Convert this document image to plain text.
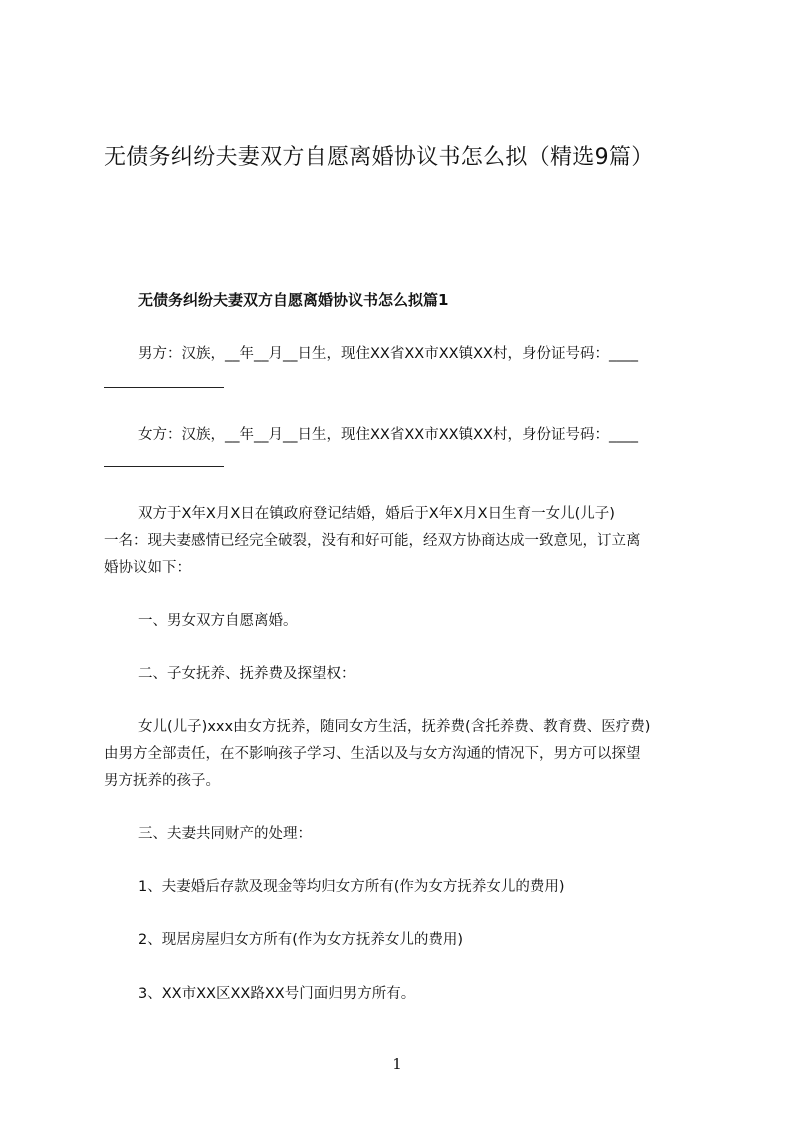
无债务纠纷夫妻双方自愿离婚协议书怎么拟（精选9篇）
无债务纠纷夫妻双方自愿离婚协议书怎么拟篇1
男方：汉族，__年__月__日生，现住XX省XX市XX镇XX村，身份证号码：____
女方：汉族，__年__月__日生，现住XX省XX市XX镇XX村，身份证号码：____
双方于X年X月X日在镇政府登记结婚，婚后于X年X月X日生育一女儿(儿子)
一名：现夫妻感情已经完全破裂，没有和好可能，经双方协商达成一致意见，订立离
婚协议如下：
一、男女双方自愿离婚。
二、子女抚养、抚养费及探望权：
女儿(儿子)xxx由女方抚养，随同女方生活，抚养费(含托养费、教育费、医疗费)
由男方全部责任，在不影响孩子学习、生活以及与女方沟通的情况下，男方可以探望
男方抚养的孩子。
三、夫妻共同财产的处理：
1、夫妻婚后存款及现金等均归女方所有(作为女方抚养女儿的费用)
2、现居房屋归女方所有(作为女方抚养女儿的费用)
3、XX市XX区XX路XX号门面归男方所有。
1
